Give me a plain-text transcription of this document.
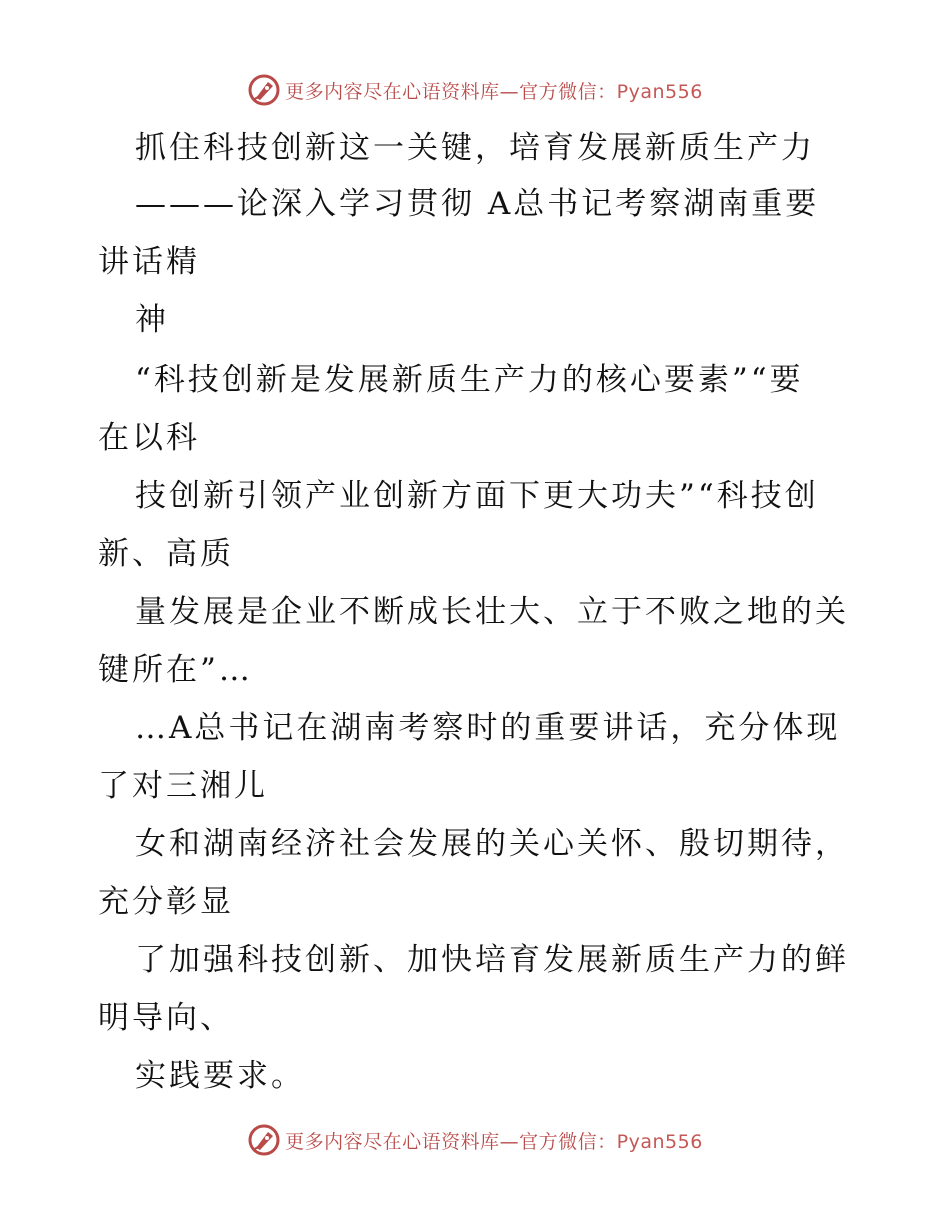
更多内容尽在心语资料库—官方微信：Pyan556
抓住科技创新这一关键，培育发展新质生产力
———论深入学习贯彻 A总书记考察湖南重要
讲话精
神
“科技创新是发展新质生产力的核心要素”“要
在以科
技创新引领产业创新方面下更大功夫”“科技创
新、高质
量发展是企业不断成长壮大、立于不败之地的关
键所在”…
…A总书记在湖南考察时的重要讲话，充分体现
了对三湘儿
女和湖南经济社会发展的关心关怀、殷切期待，
充分彰显
了加强科技创新、加快培育发展新质生产力的鲜
明导向、
实践要求。
更多内容尽在心语资料库—官方微信：Pyan556
